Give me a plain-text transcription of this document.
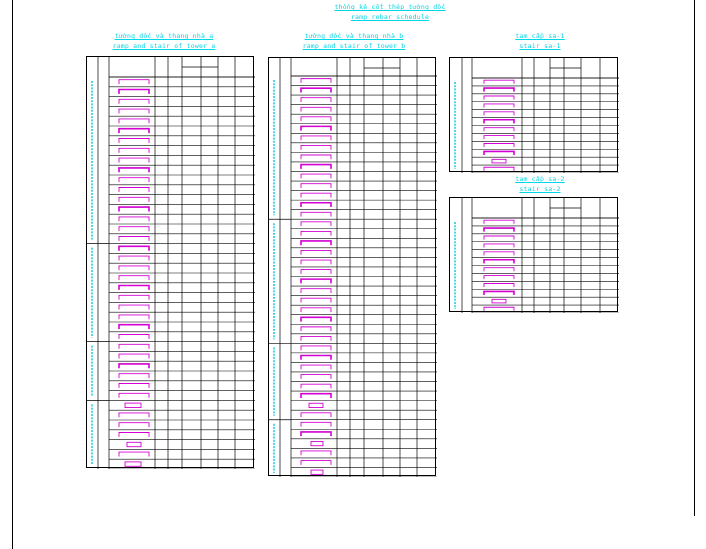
thống kê cốt thép tường dốc
ramp rebar schedule
tường dốc và thang nhà a
ramp and stair of tower a
tường dốc và thang nhà b
ramp and stair of tower b
tam cấp sa-1
stair sa-1
tam cấp sa-2
stair sa-2
